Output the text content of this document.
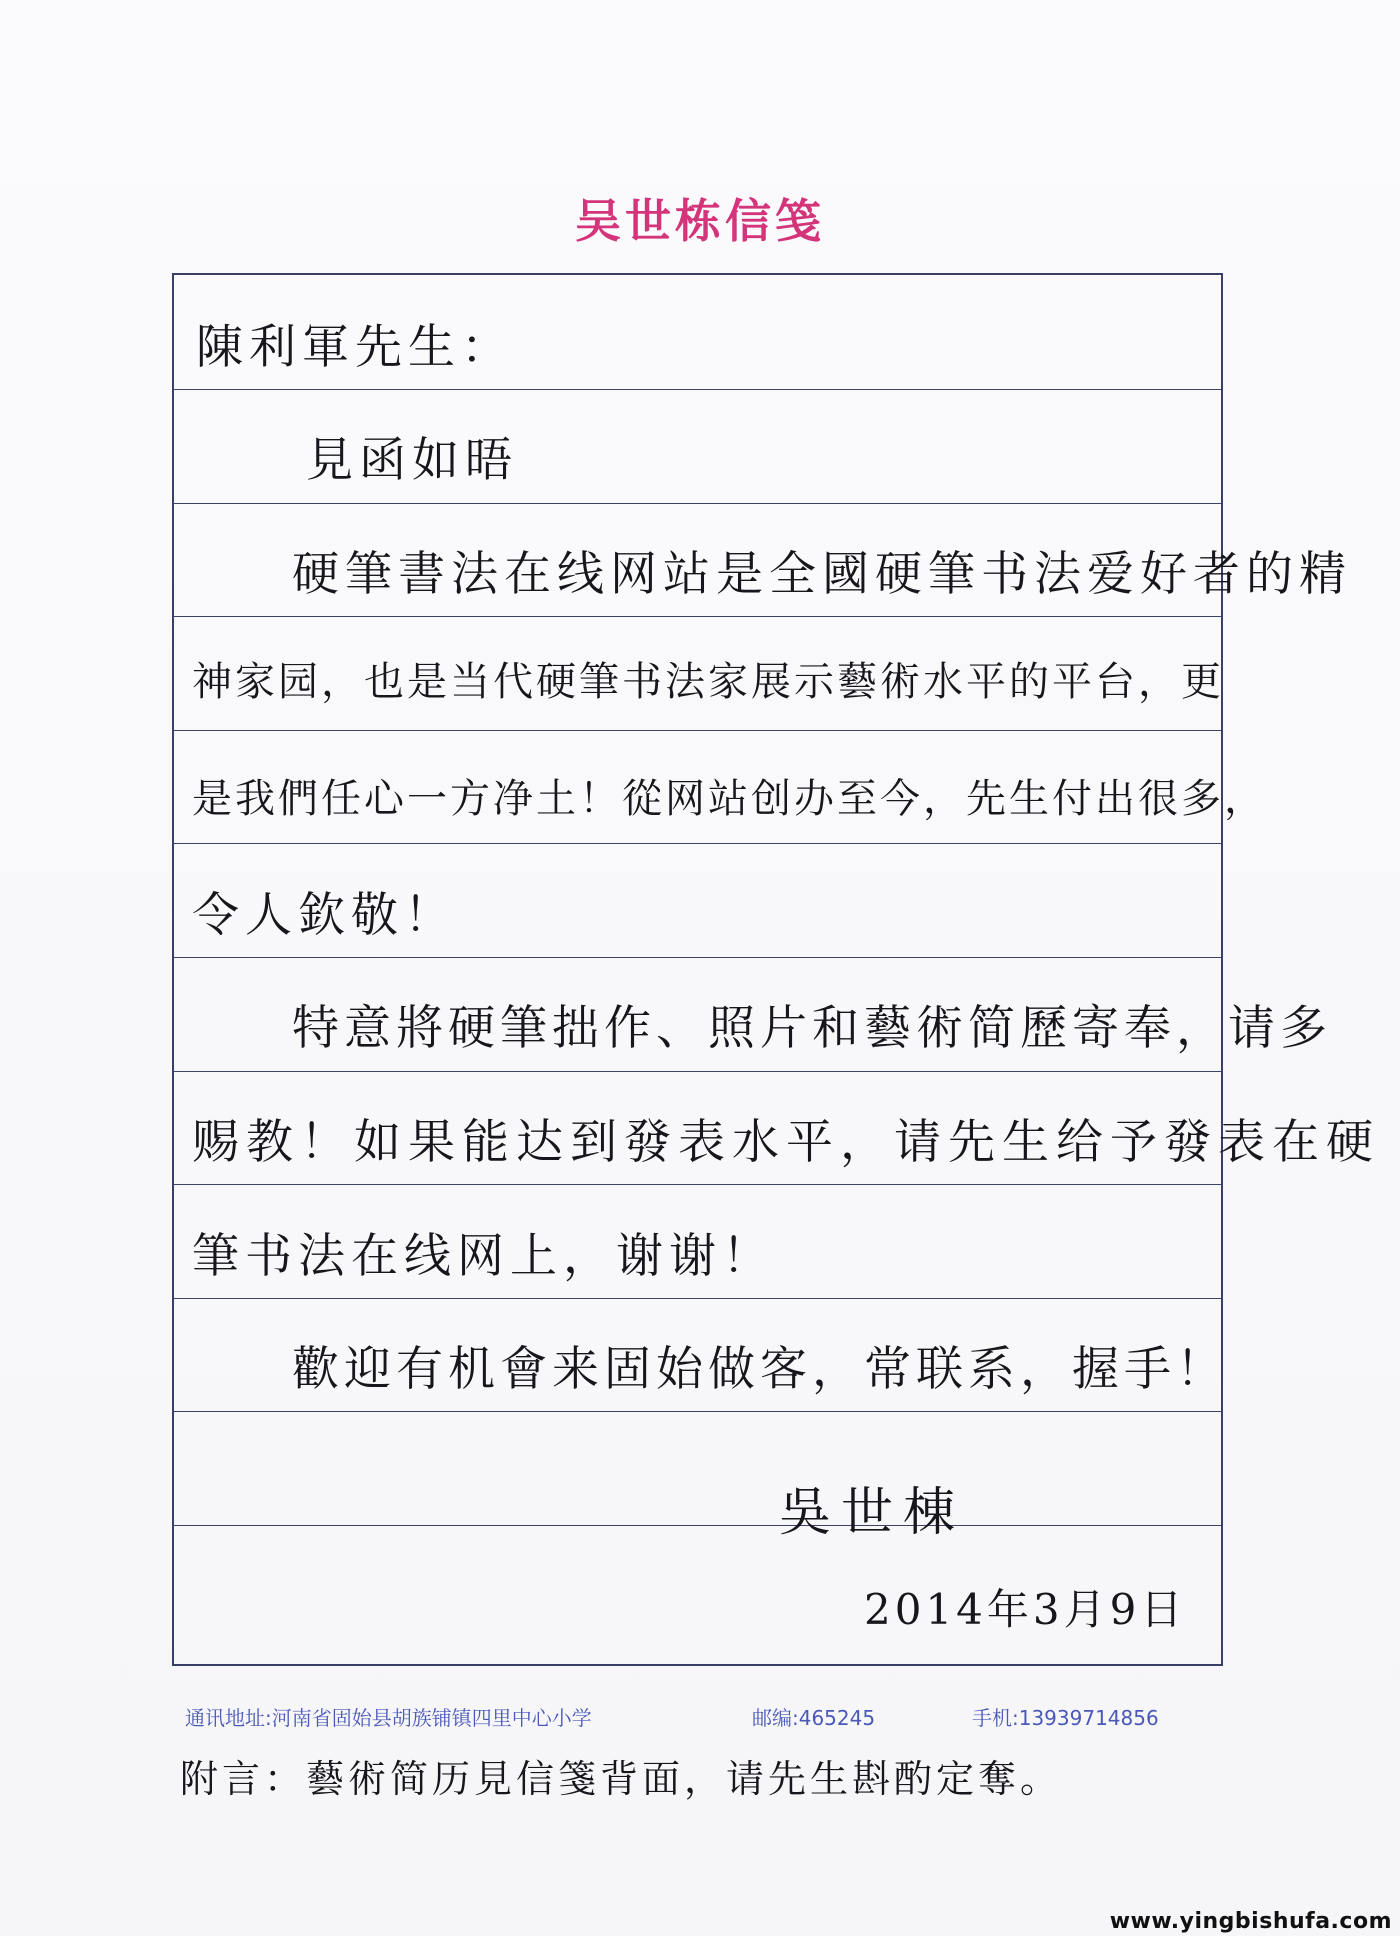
吴世栋信笺
陳利軍先生：
見函如晤
硬筆書法在线网站是全國硬筆书法爱好者的精
神家园，也是当代硬筆书法家展示藝術水平的平台，更
是我們任心一方净土！從网站创办至今，先生付出很多，
令人欽敬！
特意將硬筆拙作、照片和藝術简歷寄奉，请多
赐教！如果能达到發表水平，请先生给予發表在硬
筆书法在线网上，谢谢！
歡迎有机會来固始做客，常联系，握手！
吳世棟
2014年3月9日
通讯地址:河南省固始县胡族铺镇四里中心小学	邮编:465245	手机:13939714856
附言：藝術简历見信箋背面，请先生斟酌定奪。
www.yingbishufa.com
